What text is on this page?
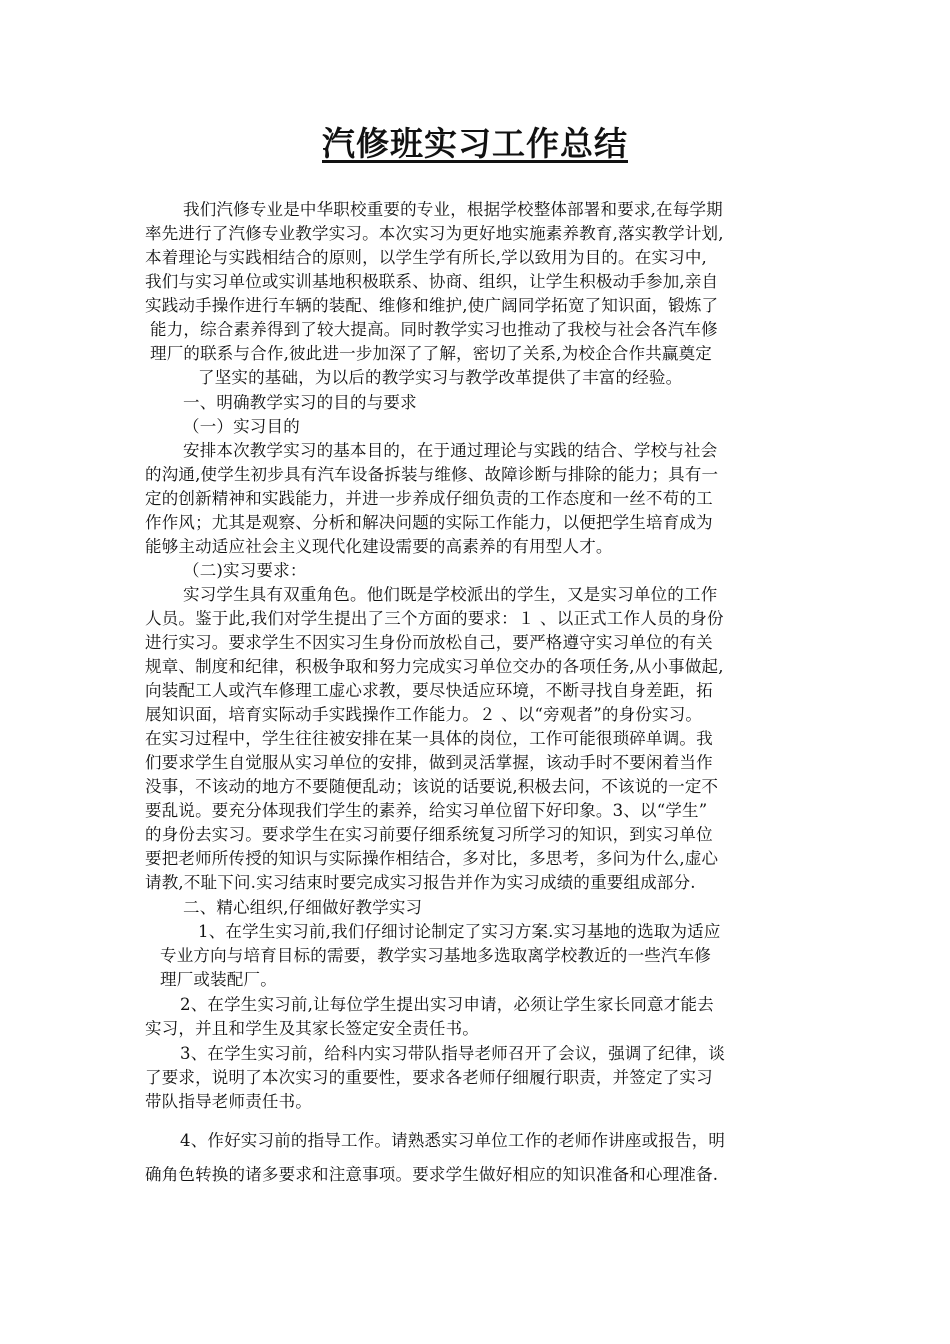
汽修班实习工作总结
我们汽修专业是中华职校重要的专业，根据学校整体部署和要求,在每学期
率先进行了汽修专业教学实习。本次实习为更好地实施素养教育,落实教学计划,
本着理论与实践相结合的原则，以学生学有所长,学以致用为目的。在实习中,
我们与实习单位或实训基地积极联系、协商、组织，让学生积极动手参加,亲自
实践动手操作进行车辆的装配、维修和维护,使广阔同学拓宽了知识面，锻炼了
能力，综合素养得到了较大提高。同时教学实习也推动了我校与社会各汽车修
理厂的联系与合作,彼此进一步加深了了解，密切了关系,为校企合作共赢奠定
了坚实的基础，为以后的教学实习与教学改革提供了丰富的经验。
一、明确教学实习的目的与要求
（一）实习目的
安排本次教学实习的基本目的，在于通过理论与实践的结合、学校与社会
的沟通,使学生初步具有汽车设备拆装与维修、故障诊断与排除的能力；具有一
定的创新精神和实践能力，并进一步养成仔细负责的工作态度和一丝不苟的工
作作风；尤其是观察、分析和解决问题的实际工作能力，以便把学生培育成为
能够主动适应社会主义现代化建设需要的高素养的有用型人才。
（二)实习要求：
实习学生具有双重角色。他们既是学校派出的学生，又是实习单位的工作
人员。鉴于此,我们对学生提出了三个方面的要求：１ 、以正式工作人员的身份
进行实习。要求学生不因实习生身份而放松自己，要严格遵守实习单位的有关
规章、制度和纪律，积极争取和努力完成实习单位交办的各项任务,从小事做起,
向装配工人或汽车修理工虚心求教，要尽快适应环境，不断寻找自身差距，拓
展知识面，培育实际动手实践操作工作能力。２ 、以“旁观者”的身份实习。
在实习过程中，学生往往被安排在某一具体的岗位，工作可能很琐碎单调。我
们要求学生自觉服从实习单位的安排，做到灵活掌握，该动手时不要闲着当作
没事，不该动的地方不要随便乱动；该说的话要说,积极去问，不该说的一定不
要乱说。要充分体现我们学生的素养，给实习单位留下好印象。3、以“学生”
的身份去实习。要求学生在实习前要仔细系统复习所学习的知识，到实习单位
要把老师所传授的知识与实际操作相结合，多对比，多思考，多问为什么,虚心
请教,不耻下问.实习结束时要完成实习报告并作为实习成绩的重要组成部分.
二、精心组织,仔细做好教学实习
1、在学生实习前,我们仔细讨论制定了实习方案.实习基地的选取为适应
专业方向与培育目标的需要，教学实习基地多选取离学校教近的一些汽车修
理厂或装配厂。
2、在学生实习前,让每位学生提出实习申请，必须让学生家长同意才能去
实习，并且和学生及其家长签定安全责任书。
3、在学生实习前，给科内实习带队指导老师召开了会议，强调了纪律，谈
了要求，说明了本次实习的重要性，要求各老师仔细履行职责，并签定了实习
带队指导老师责任书。
4、作好实习前的指导工作。请熟悉实习单位工作的老师作讲座或报告，明
确角色转换的诸多要求和注意事项。要求学生做好相应的知识准备和心理准备.
